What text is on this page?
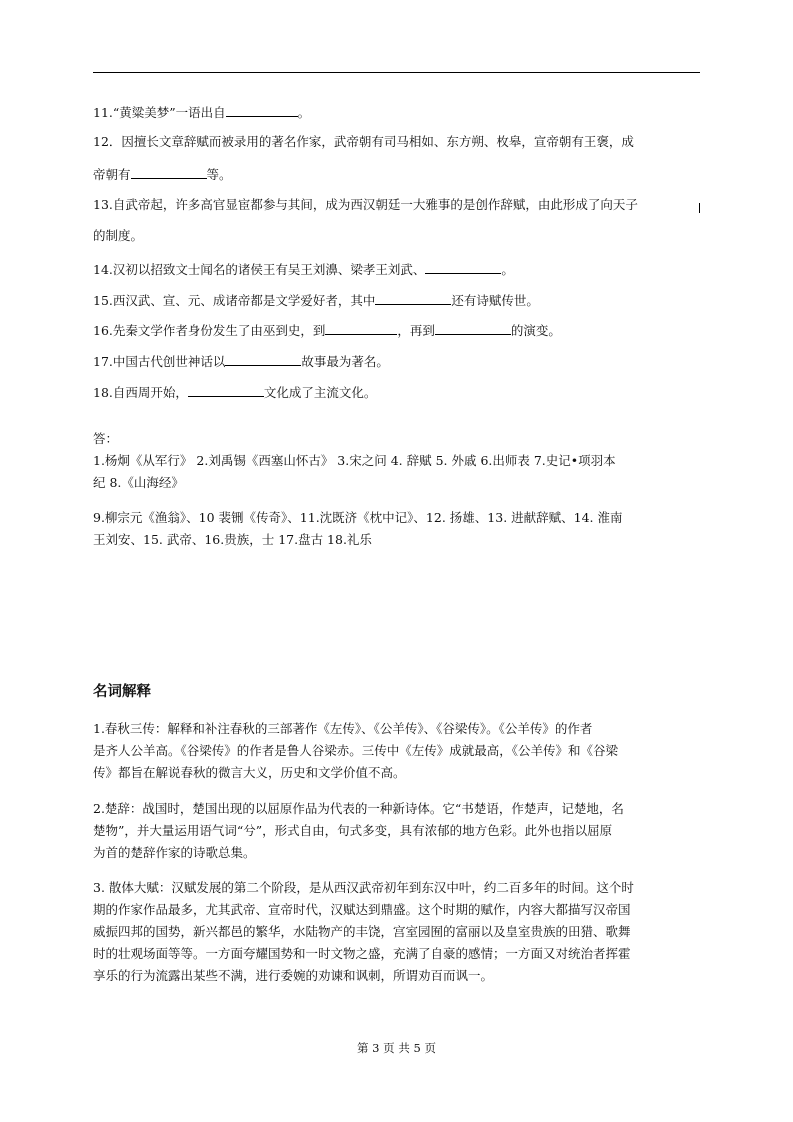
11.“黄粱美梦”一语出自	。
12．因擅长文章辞赋而被录用的著名作家，武帝朝有司马相如、东方朔、枚皋，宣帝朝有王褒，成
帝朝有	等。
13.自武帝起，许多高官显宦都参与其间，成为西汉朝廷一大雅事的是创作辞赋，由此形成了向天子
的制度。
14.汉初以招致文士闻名的诸侯王有吴王刘濞、梁孝王刘武、	。
15.西汉武、宣、元、成诸帝都是文学爱好者，其中	还有诗赋传世。
16.先秦文学作者身份发生了由巫到史，到	，再到	的演变。
17.中国古代创世神话以	故事最为著名。
18.自西周开始，	文化成了主流文化。
答：
1.杨炯《从军行》 2.刘禹锡《西塞山怀古》 3.宋之问 4. 辞赋 5. 外戚 6.出师表 7.史记•项羽本
纪 8.《山海经》
9.柳宗元《渔翁》、10 裴铏《传奇》、11.沈既济《枕中记》、12. 扬雄、13. 进献辞赋、14. 淮南
王刘安、15. 武帝、16.贵族，士 17.盘古 18.礼乐
名词解释
1.春秋三传：解释和补注春秋的三部著作《左传》、《公羊传》、《谷梁传》。《公羊传》的作者
是齐人公羊高。《谷梁传》的作者是鲁人谷梁赤。三传中《左传》成就最高，《公羊传》和《谷梁
传》都旨在解说春秋的微言大义，历史和文学价值不高。
2.楚辞：战国时，楚国出现的以屈原作品为代表的一种新诗体。它“书楚语，作楚声，记楚地，名
楚物”，并大量运用语气词“兮”，形式自由，句式多变，具有浓郁的地方色彩。此外也指以屈原
为首的楚辞作家的诗歌总集。
3. 散体大赋：汉赋发展的第二个阶段，是从西汉武帝初年到东汉中叶，约二百多年的时间。这个时
期的作家作品最多，尤其武帝、宣帝时代，汉赋达到鼎盛。这个时期的赋作，内容大都描写汉帝国
威振四邦的国势，新兴都邑的繁华，水陆物产的丰饶，宫室园囿的富丽以及皇室贵族的田猎、歌舞
时的壮观场面等等。一方面夸耀国势和一时文物之盛，充满了自豪的感情；一方面又对统治者挥霍
享乐的行为流露出某些不满，进行委婉的劝谏和讽刺，所谓劝百而讽一。
第 3 页 共 5 页
